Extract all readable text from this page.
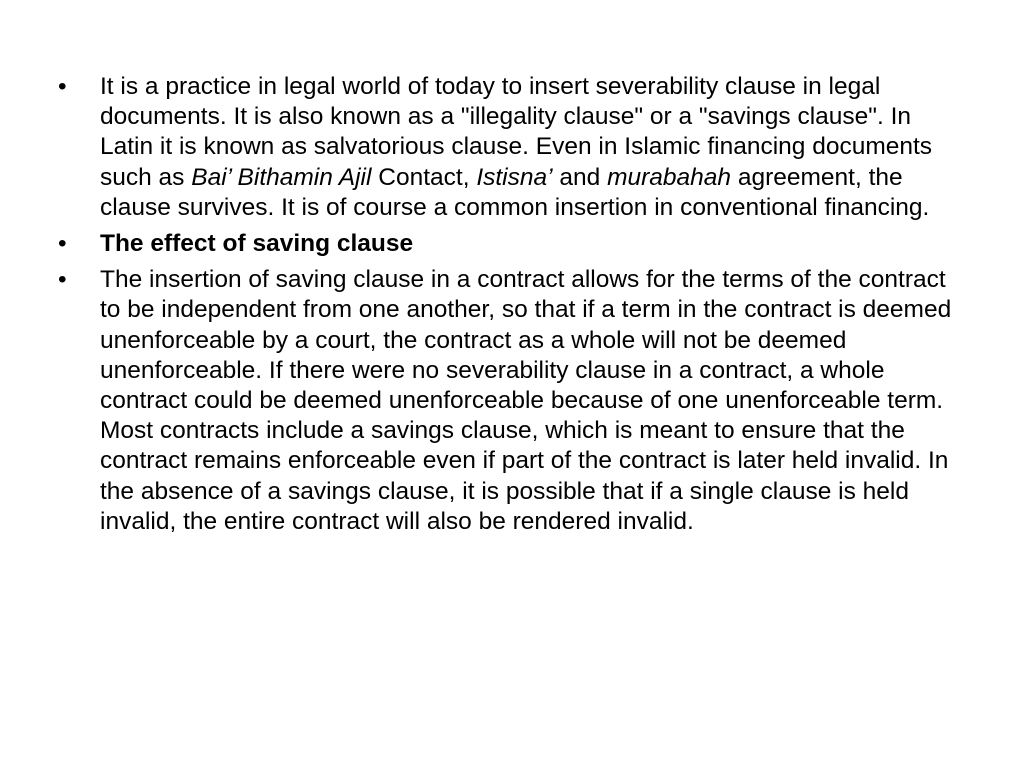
•	It is a practice in legal world of today to insert severability clause in legal documents. It is also known as a "illegality clause" or a "savings clause". In Latin it is known as salvatorious clause. Even in Islamic financing documents such as Bai’ Bithamin Ajil Contact, Istisna’ and murabahah agreement, the clause survives. It is of course a common insertion in conventional financing.
•	The effect of saving clause
•	The insertion of saving clause in a contract allows for the terms of the contract to be independent from one another, so that if a term in the contract is deemed unenforceable by a court, the contract as a whole will not be deemed unenforceable. If there were no severability clause in a contract, a whole contract could be deemed unenforceable because of one unenforceable term. Most contracts include a savings clause, which is meant to ensure that the contract remains enforceable even if part of the contract is later held invalid. In the absence of a savings clause, it is possible that if a single clause is held invalid, the entire contract will also be rendered invalid.
